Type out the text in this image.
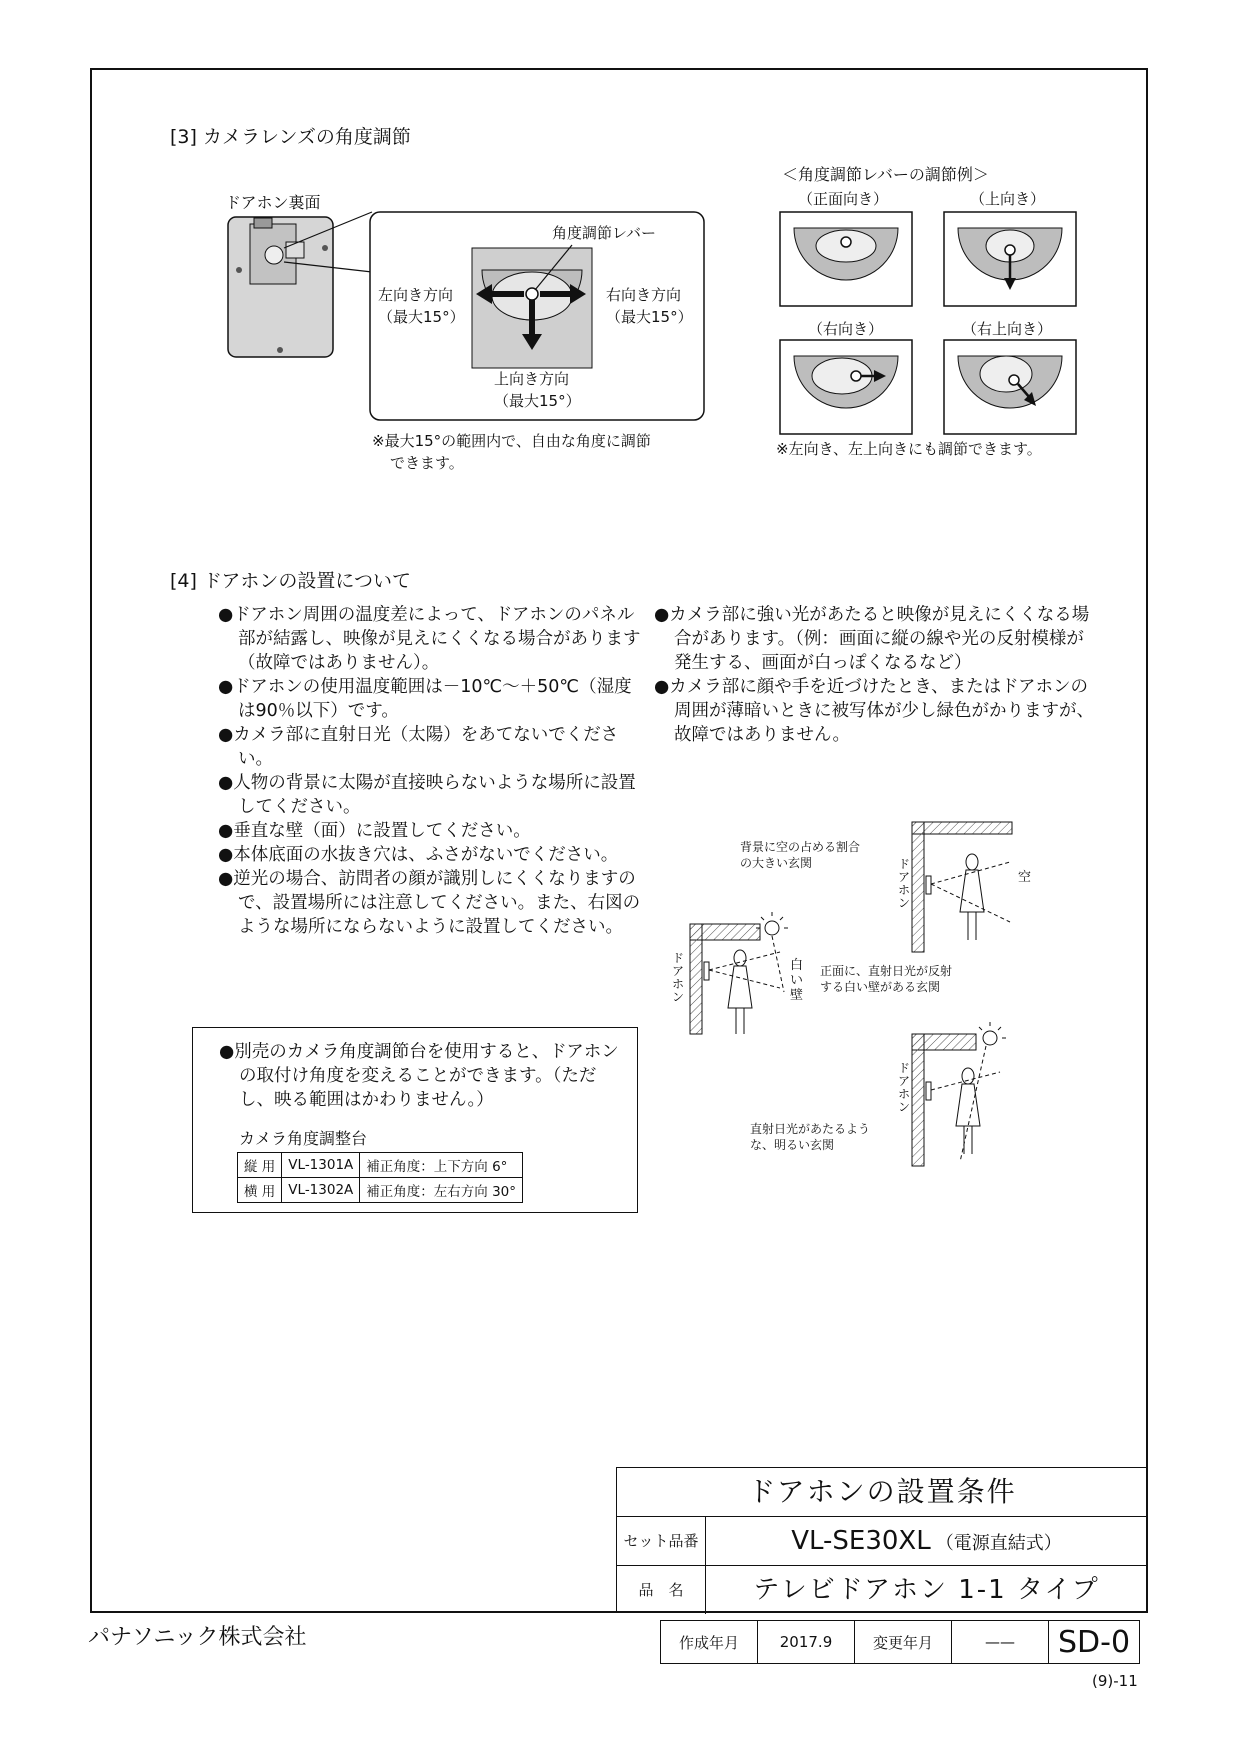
[3] カメラレンズの角度調節
ドアホン裏面
角度調節レバー
左向き方向
（最大15°）
右向き方向
（最大15°）
上向き方向
（最大15°）
※最大15°の範囲内で、自由な角度に調節
できます。
＜角度調節レバーの調節例＞
（正面向き）	（上向き）
（右向き）	（右上向き）
※左向き、左上向きにも調節できます。
[4] ドアホンの設置について

●ドアホン周囲の温度差によって、ドアホンのパネル部が結露し、映像が見えにくくなる場合があります（故障ではありません）。

●ドアホンの使用温度範囲は－10℃～＋50℃（湿度は90％以下）です。

●カメラ部に直射日光（太陽）をあてないでください。

●人物の背景に太陽が直接映らないような場所に設置してください。

●垂直な壁（面）に設置してください。

●本体底面の水抜き穴は、ふさがないでください。

●逆光の場合、訪問者の顔が識別しにくくなりますので、設置場所には注意してください。また、右図のような場所にならないように設置してください。

●カメラ部に強い光があたると映像が見えにくくなる場合があります。（例：画面に縦の線や光の反射模様が発生する、画面が白っぽくなるなど）

●カメラ部に顔や手を近づけたとき、またはドアホンの周囲が薄暗いときに被写体が少し緑色がかりますが、故障ではありません。

●別売のカメラ角度調節台を使用すると、ドアホンの取付け角度を変えることができます。（ただし、映る範囲はかわりません。）

カメラ角度調整台
縦 用	VL-1301A	補正角度：上下方向 6°
横 用	VL-1302A	補正角度：左右方向 30°
背景に空の占める割合
の大きい玄関
空
ドアホン
正面に、直射日光が反射
する白い壁がある玄関
白い壁
ドアホン
直射日光があたるよう
な、明るい玄関
ドアホン
ドアホンの設置条件
セット品番	VL-SE30XL （電源直結式）
品　名	テレビドアホン 1-1 タイプ
パナソニック株式会社	作成年月	2017.9	変更年月	——	SD-0
(9)-11
